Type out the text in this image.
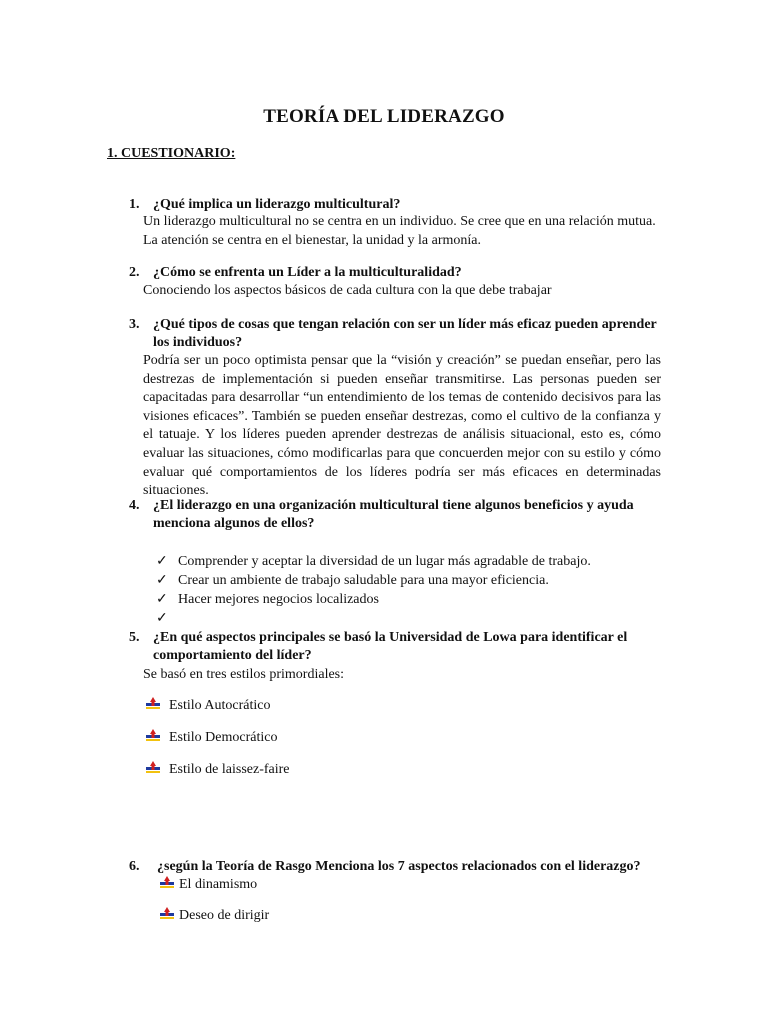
TEORÍA DEL LIDERAZGO
1. CUESTIONARIO:
1. ¿Qué implica un liderazgo multicultural?
Un liderazgo multicultural no se centra en un individuo. Se cree que en una relación mutua. La atención se centra en el bienestar, la unidad y la armonía.
2. ¿Cómo se enfrenta un Líder a la multiculturalidad?
Conociendo los aspectos básicos de cada cultura con la que debe trabajar
3. ¿Qué tipos de cosas que tengan relación con ser un líder más eficaz pueden aprender
los individuos?
Podría ser un poco optimista pensar que la “visión y creación” se puedan enseñar, pero las destrezas de implementación si pueden enseñar transmitirse. Las personas pueden ser capacitadas para desarrollar “un entendimiento de los temas de contenido decisivos para las visiones eficaces”. También se pueden enseñar destrezas, como el cultivo de la confianza y el tatuaje. Y los líderes pueden aprender destrezas de análisis situacional, esto es, cómo evaluar las situaciones, cómo modificarlas para que concuerden mejor con su estilo y cómo evaluar qué comportamientos de los líderes podría ser más eficaces en determinadas situaciones.
4. ¿El liderazgo en una organización multicultural tiene algunos beneficios y ayuda
menciona algunos de ellos?
✓ Comprender y aceptar la diversidad de un lugar más agradable de trabajo.
✓ Crear un ambiente de trabajo saludable para una mayor eficiencia.
✓ Hacer mejores negocios localizados
✓
5. ¿En qué aspectos principales se basó la Universidad de Lowa para identificar el
comportamiento del líder?
Se basó en tres estilos primordiales:
Estilo Autocrático
Estilo Democrático
Estilo de laissez-faire
6. ¿según la Teoría de Rasgo Menciona los 7 aspectos relacionados con el liderazgo?
El dinamismo
Deseo de dirigir
